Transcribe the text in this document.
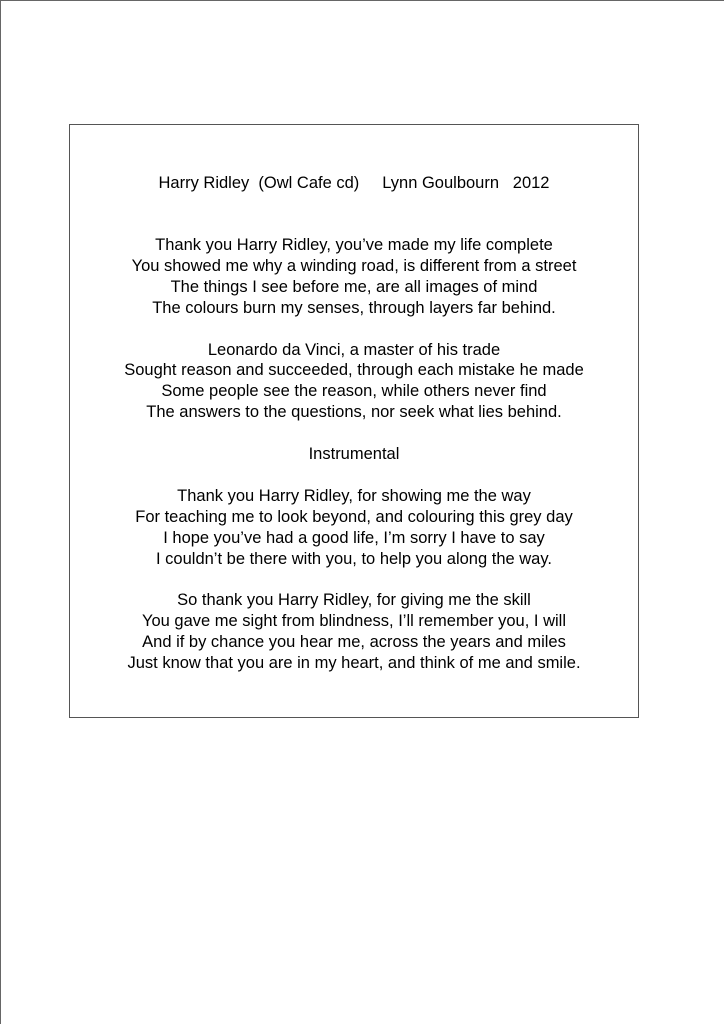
Harry Ridley  (Owl Cafe cd)     Lynn Goulbourn   2012
Thank you Harry Ridley, you’ve made my life complete
You showed me why a winding road, is different from a street
The things I see before me, are all images of mind
The colours burn my senses, through layers far behind.
Leonardo da Vinci, a master of his trade
Sought reason and succeeded, through each mistake he made
Some people see the reason, while others never find
The answers to the questions, nor seek what lies behind.
Instrumental
Thank you Harry Ridley, for showing me the way
For teaching me to look beyond, and colouring this grey day
I hope you’ve had a good life, I’m sorry I have to say
I couldn’t be there with you, to help you along the way.
So thank you Harry Ridley, for giving me the skill
You gave me sight from blindness, I’ll remember you, I will
And if by chance you hear me, across the years and miles
Just know that you are in my heart, and think of me and smile.
